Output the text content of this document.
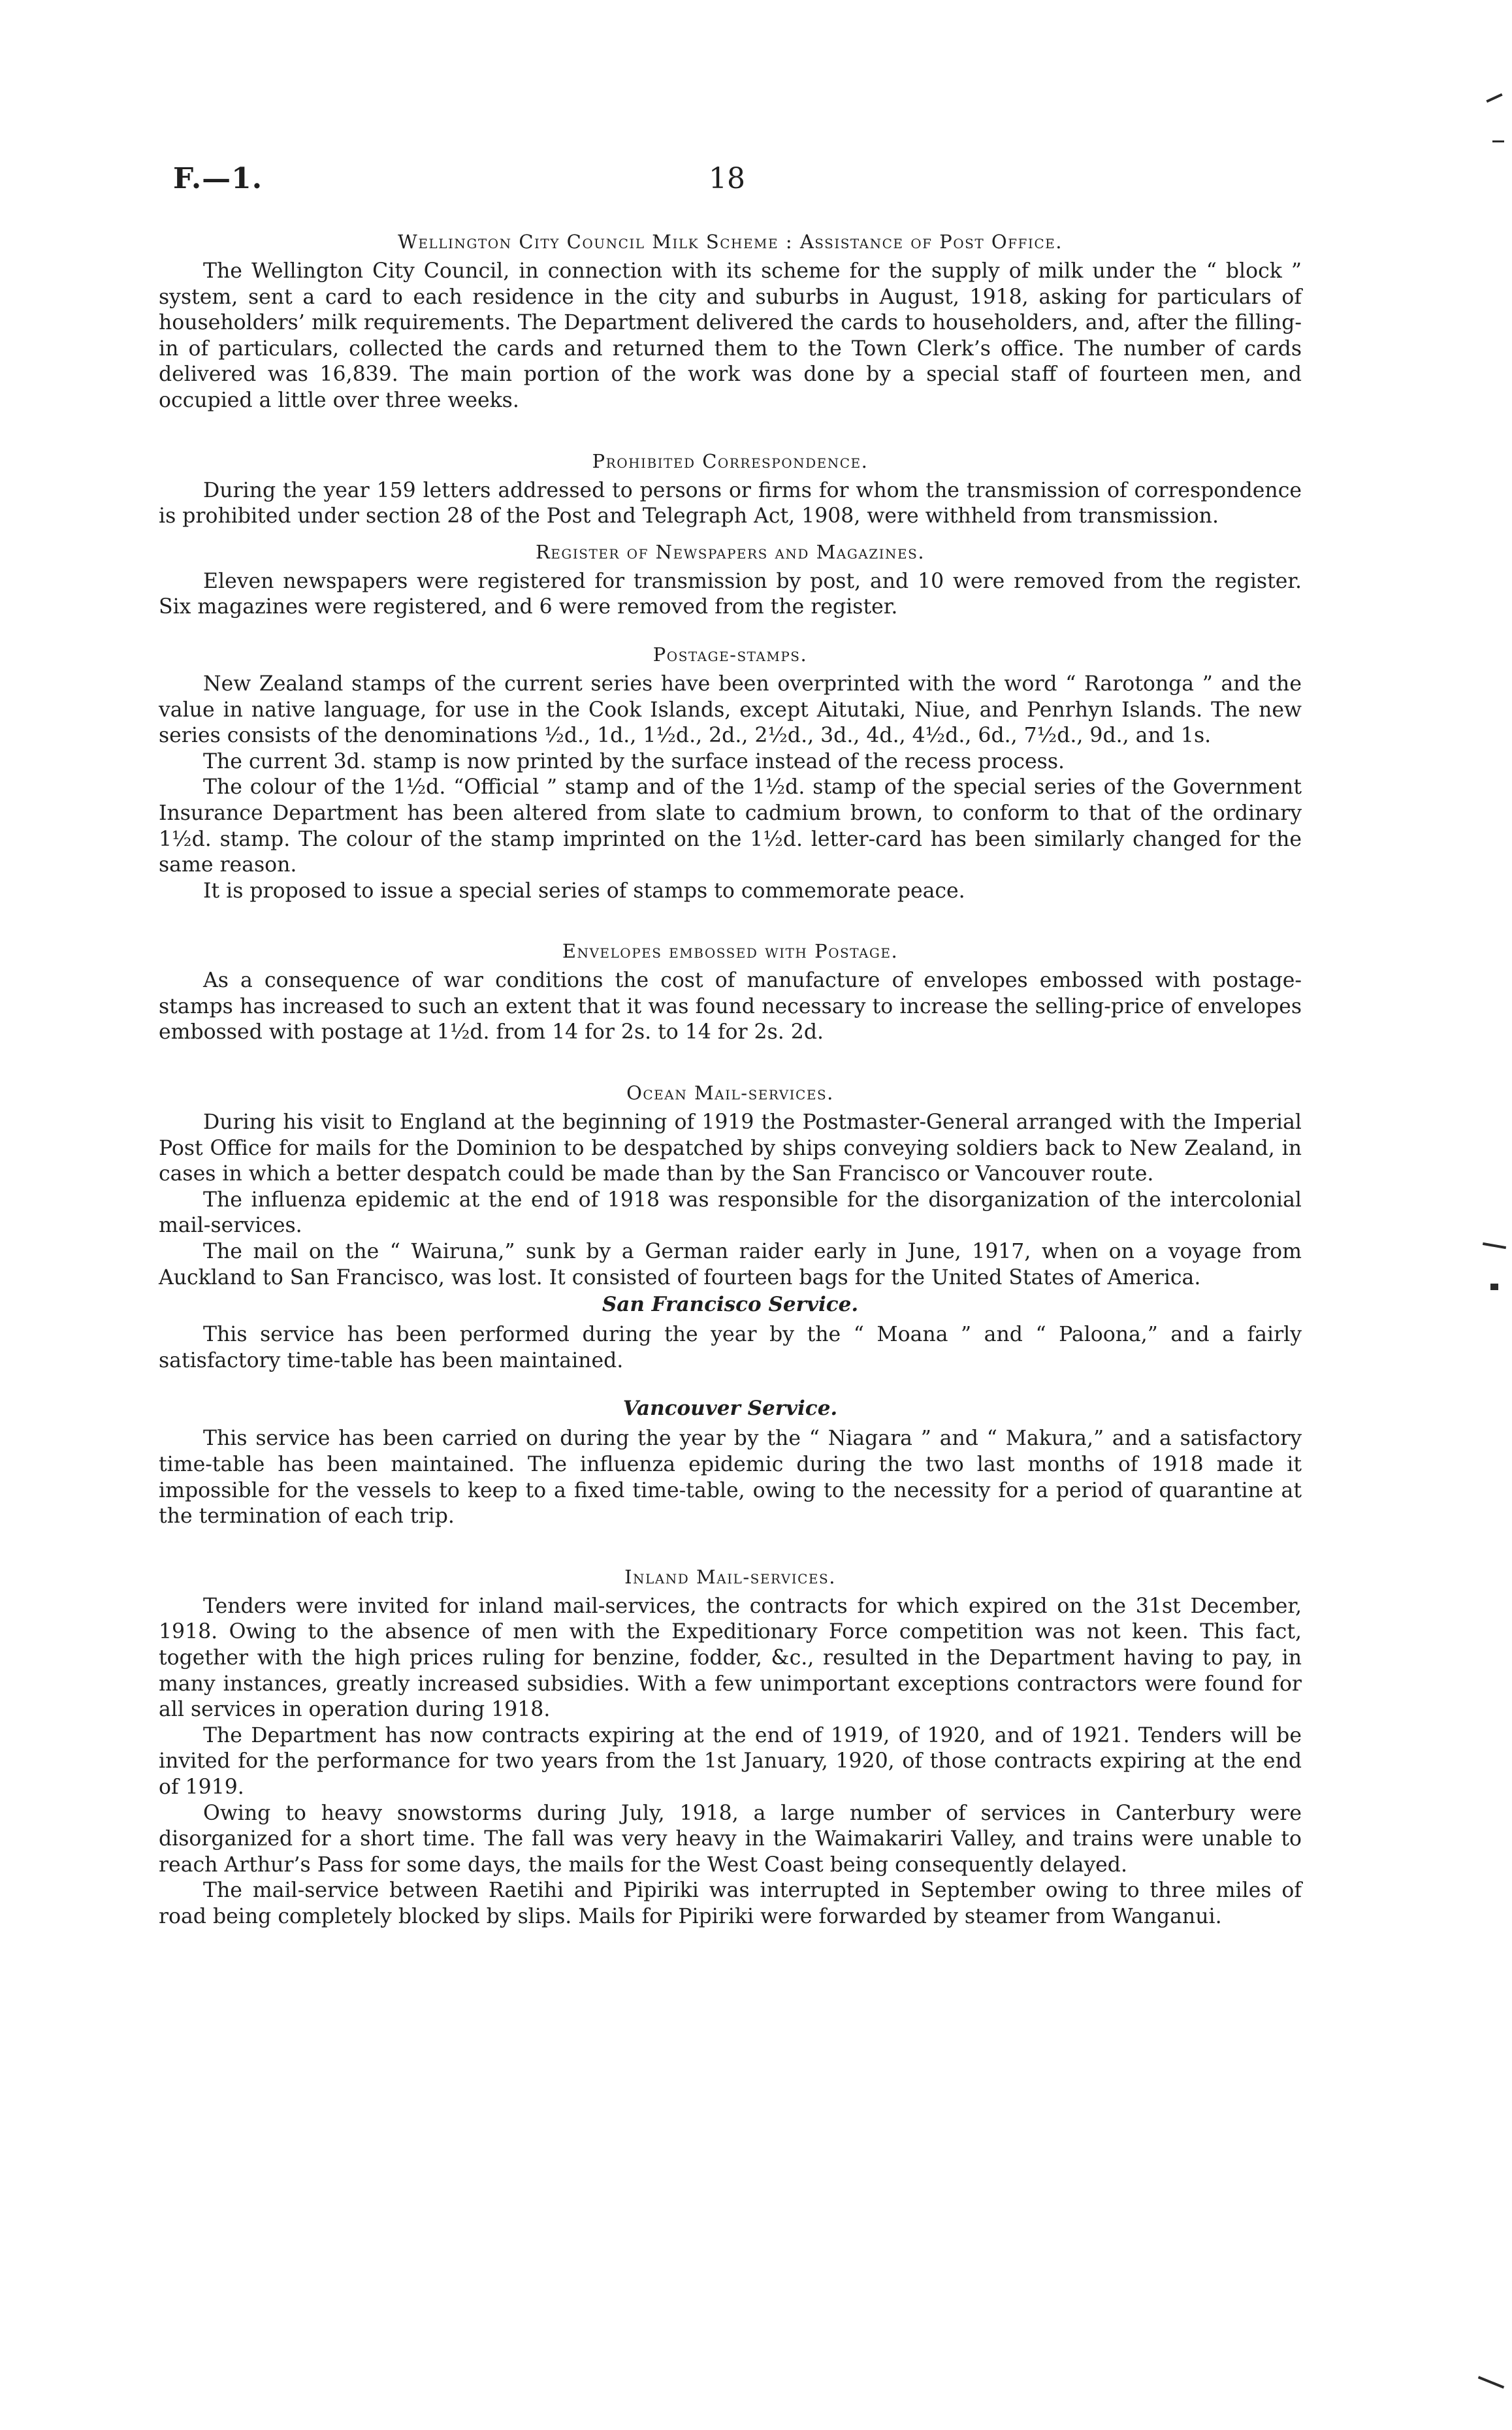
F.—1.	18
Wellington City Council Milk Scheme : Assistance of Post Office.

The Wellington City Council, in connection with its scheme for the supply of milk under the “ block ” system, sent a card to each residence in the city and suburbs in August, 1918, asking for particulars of householders’ milk requirements. The Department delivered the cards to householders, and, after the filling-in of particulars, collected the cards and returned them to the Town Clerk’s office. The number of cards delivered was 16,839. The main portion of the work was done by a special staff of fourteen men, and occupied a little over three weeks.

Prohibited Correspondence.

During the year 159 letters addressed to persons or firms for whom the transmission of correspondence is prohibited under section 28 of the Post and Telegraph Act, 1908, were withheld from transmission.

Register of Newspapers and Magazines.

Eleven newspapers were registered for transmission by post, and 10 were removed from the register. Six magazines were registered, and 6 were removed from the register.

Postage-stamps.

New Zealand stamps of the current series have been overprinted with the word “ Rarotonga ” and the value in native language, for use in the Cook Islands, except Aitutaki, Niue, and Penrhyn Islands. The new series consists of the denominations ½d., 1d., 1½d., 2d., 2½d., 3d., 4d., 4½d., 6d., 7½d., 9d., and 1s.

The current 3d. stamp is now printed by the surface instead of the recess process.

The colour of the 1½d. “Official ” stamp and of the 1½d. stamp of the special series of the Government Insurance Department has been altered from slate to cadmium brown, to conform to that of the ordinary 1½d. stamp. The colour of the stamp imprinted on the 1½d. letter-card has been similarly changed for the same reason.

It is proposed to issue a special series of stamps to commemorate peace.

Envelopes embossed with Postage.

As a consequence of war conditions the cost of manufacture of envelopes embossed with postage-stamps has increased to such an extent that it was found necessary to increase the selling-price of envelopes embossed with postage at 1½d. from 14 for 2s. to 14 for 2s. 2d.

Ocean Mail-services.

During his visit to England at the beginning of 1919 the Postmaster-General arranged with the Imperial Post Office for mails for the Dominion to be despatched by ships conveying soldiers back to New Zealand, in cases in which a better despatch could be made than by the San Francisco or Vancouver route.

The influenza epidemic at the end of 1918 was responsible for the disorganization of the intercolonial mail-services.

The mail on the “ Wairuna,” sunk by a German raider early in June, 1917, when on a voyage from Auckland to San Francisco, was lost. It consisted of fourteen bags for the United States of America.

San Francisco Service.

This service has been performed during the year by the “ Moana ” and “ Paloona,” and a fairly satisfactory time-table has been maintained.

Vancouver Service.

This service has been carried on during the year by the “ Niagara ” and “ Makura,” and a satisfactory time-table has been maintained. The influenza epidemic during the two last months of 1918 made it impossible for the vessels to keep to a fixed time-table, owing to the necessity for a period of quarantine at the termination of each trip.

Inland Mail-services.

Tenders were invited for inland mail-services, the contracts for which expired on the 31st December, 1918. Owing to the absence of men with the Expeditionary Force competition was not keen. This fact, together with the high prices ruling for benzine, fodder, &c., resulted in the Department having to pay, in many instances, greatly increased subsidies. With a few unimportant exceptions contractors were found for all services in operation during 1918.

The Department has now contracts expiring at the end of 1919, of 1920, and of 1921. Tenders will be invited for the performance for two years from the 1st January, 1920, of those contracts expiring at the end of 1919.

Owing to heavy snowstorms during July, 1918, a large number of services in Canterbury were disorganized for a short time. The fall was very heavy in the Waimakariri Valley, and trains were unable to reach Arthur’s Pass for some days, the mails for the West Coast being consequently delayed.

The mail-service between Raetihi and Pipiriki was interrupted in September owing to three miles of road being completely blocked by slips. Mails for Pipiriki were forwarded by steamer from Wanganui.
